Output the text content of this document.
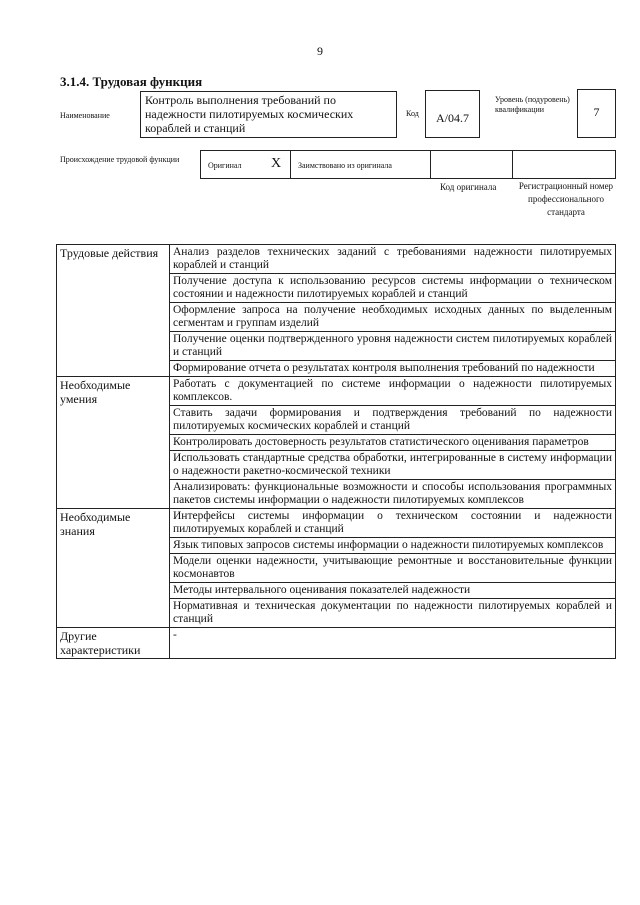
9
3.1.4. Трудовая функция
Наименование
Контроль выполнения требований по надежности пилотируемых космических кораблей и станций
Код	А/04.7
Уровень (подуровень) квалификации	7
Происхождение трудовой функции
Оригинал X Заимствовано из оригинала
Код оригинала	Регистрационный номер профессионального стандарта
Трудовые действия	Анализ разделов технических заданий с требованиями надежности пилотируемых кораблей и станций
	Получение доступа к использованию ресурсов системы информации о техническом состоянии и надежности пилотируемых кораблей и станций
	Оформление запроса на получение необходимых исходных данных по выделенным сегментам и группам изделий
	Получение оценки подтвержденного уровня надежности систем пилотируемых кораблей и станций
	Формирование отчета о результатах контроля выполнения требований по надежности
Необходимые умения	Работать с документацией по системе информации о надежности пилотируемых комплексов.
	Ставить задачи формирования и подтверждения требований по надежности пилотируемых космических кораблей и станций
	Контролировать достоверность результатов статистического оценивания параметров
	Использовать стандартные средства обработки, интегрированные в систему информации о надежности ракетно-космической техники
	Анализировать: функциональные возможности и способы использования программных пакетов системы информации о надежности пилотируемых комплексов
Необходимые знания	Интерфейсы системы информации о техническом состоянии и надежности пилотируемых кораблей и станций
	Язык типовых запросов системы информации о надежности пилотируемых комплексов
	Модели оценки надежности, учитывающие ремонтные и восстановительные функции космонавтов
	Методы интервального оценивания показателей надежности
	Нормативная и техническая документации по надежности пилотируемых кораблей и станций
Другие характеристики	-
